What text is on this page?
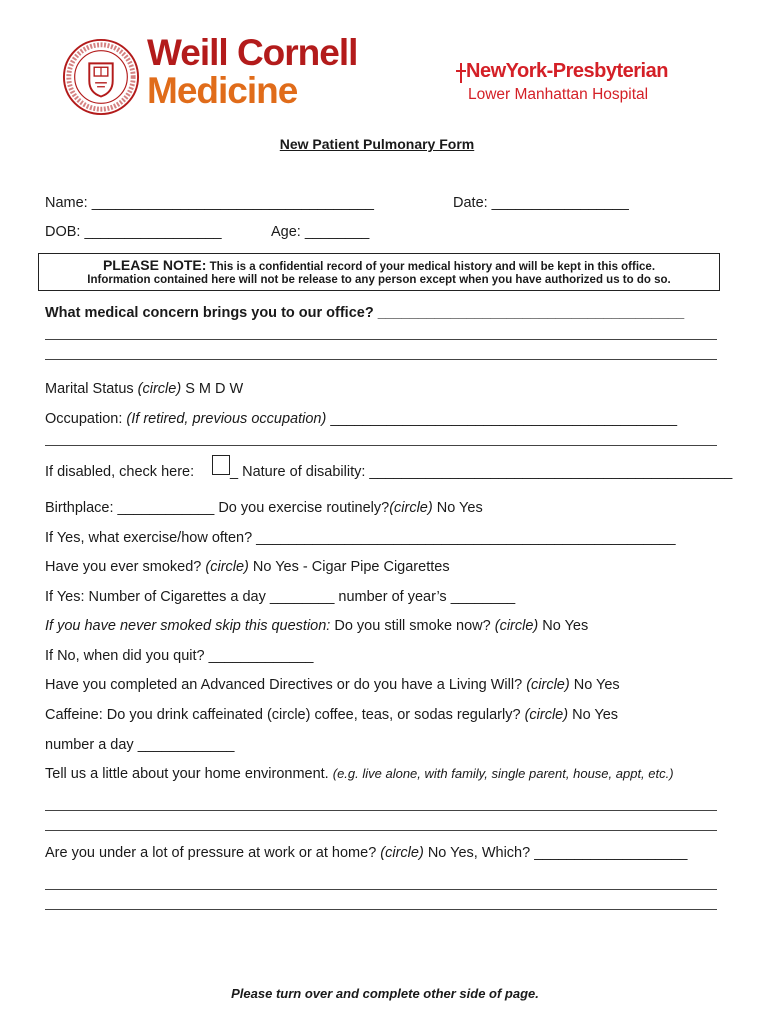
Weill Cornell
Medicine	NewYork-Presbyterian
Lower Manhattan Hospital
New Patient Pulmonary Form
Name: ___________________________________	Date: _________________
DOB: _________________	Age: ________
PLEASE NOTE: This is a confidential record of your medical history and will be kept in this office.
Information contained here will not be release to any person except when you have authorized us to do so.
What medical concern brings you to our office? ______________________________________
Marital Status (circle) S M D W
Occupation: (If retired, previous occupation) ___________________________________________
If disabled, check here: _ Nature of disability: _____________________________________________
Birthplace: ____________ Do you exercise routinely?(circle) No Yes
If Yes, what exercise/how often? ____________________________________________________
Have you ever smoked? (circle) No Yes - Cigar Pipe Cigarettes
If Yes: Number of Cigarettes a day ________ number of year’s ________
If you have never smoked skip this question: Do you still smoke now? (circle) No Yes
If No, when did you quit? _____________
Have you completed an Advanced Directives or do you have a Living Will? (circle) No Yes
Caffeine: Do you drink caffeinated (circle) coffee, teas, or sodas regularly? (circle) No Yes
number a day ____________
Tell us a little about your home environment. (e.g. live alone, with family, single parent, house, appt, etc.)
Are you under a lot of pressure at work or at home? (circle) No Yes, Which? ___________________
Please turn over and complete other side of page.
